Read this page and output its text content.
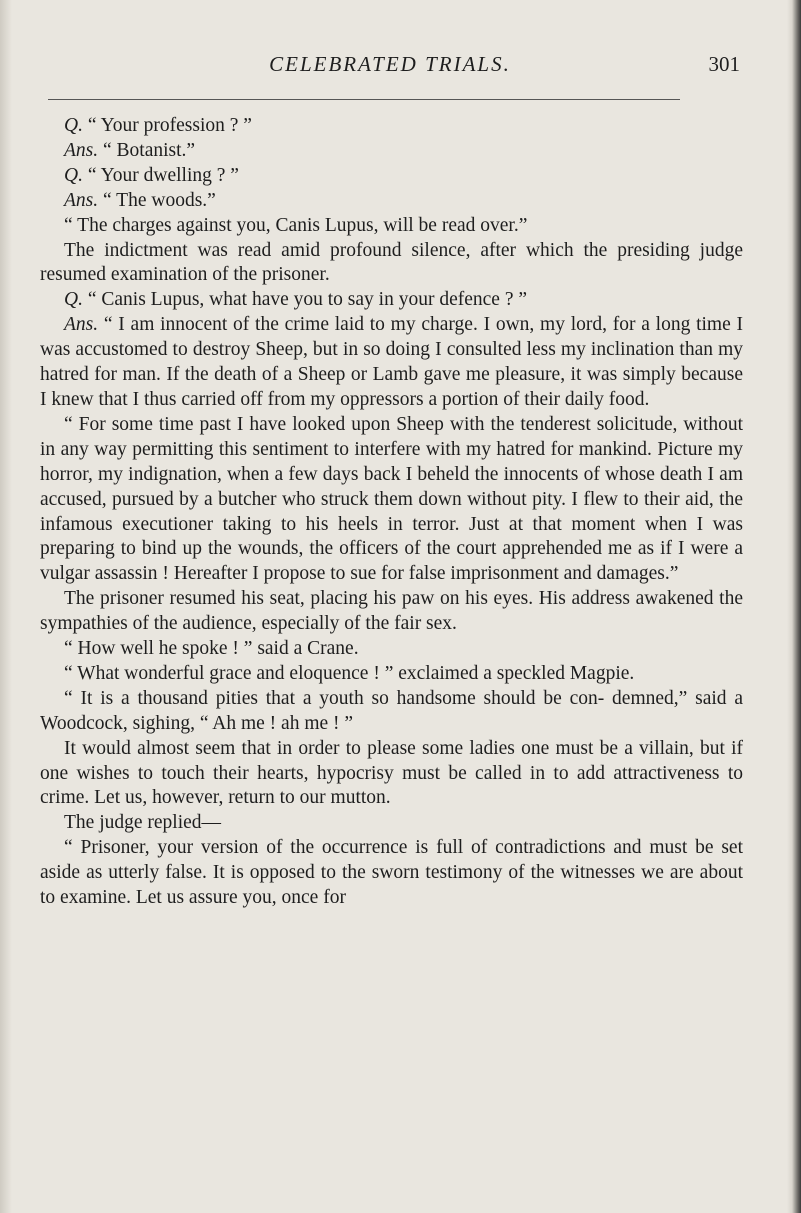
CELEBRATED TRIALS.	301

Q. “ Your profession ? ”

Ans. “ Botanist.”

Q. “ Your dwelling ? ”

Ans. “ The woods.”

“ The charges against you, Canis Lupus, will be read over.”

The indictment was read amid profound silence, after which the presiding judge resumed examination of the prisoner.

Q. “ Canis Lupus, what have you to say in your defence ? ”

Ans. “ I am innocent of the crime laid to my charge. I own, my lord, for a long time I was accustomed to destroy Sheep, but in so doing I consulted less my inclination than my hatred for man. If the death of a Sheep or Lamb gave me pleasure, it was simply because I knew that I thus carried off from my oppressors a portion of their daily food.

“ For some time past I have looked upon Sheep with the tenderest solicitude, without in any way permitting this sentiment to interfere with my hatred for mankind. Picture my horror, my indignation, when a few days back I beheld the innocents of whose death I am accused, pursued by a butcher who struck them down without pity. I flew to their aid, the infamous executioner taking to his heels in terror. Just at that moment when I was preparing to bind up the wounds, the officers of the court apprehended me as if I were a vulgar assassin ! Hereafter I propose to sue for false imprisonment and damages.”

The prisoner resumed his seat, placing his paw on his eyes. His address awakened the sympathies of the audience, especially of the fair sex.

“ How well he spoke ! ” said a Crane.

“ What wonderful grace and eloquence ! ” exclaimed a speckled Magpie.

“ It is a thousand pities that a youth so handsome should be con- demned,” said a Woodcock, sighing, “ Ah me ! ah me ! ”

It would almost seem that in order to please some ladies one must be a villain, but if one wishes to touch their hearts, hypocrisy must be called in to add attractiveness to crime. Let us, however, return to our mutton.

The judge replied—

“ Prisoner, your version of the occurrence is full of contradictions and must be set aside as utterly false. It is opposed to the sworn testimony of the witnesses we are about to examine. Let us assure you, once for
